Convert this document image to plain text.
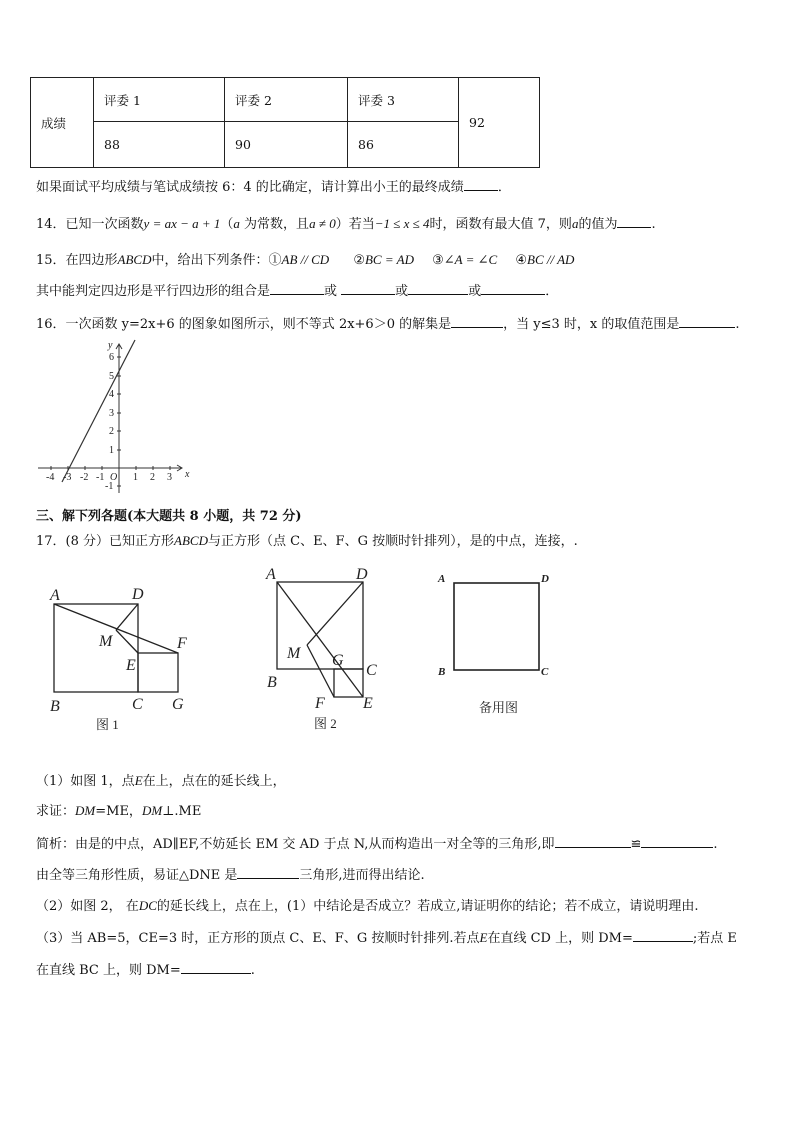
成绩	评委 1	评委 2	评委 3	92
	88	90	86	
如果面试平均成绩与笔试成绩按 6：4 的比确定，请计算出小王的最终成绩	．
14．已知一次函数y = ax − a + 1（a 为常数，且a ≠ 0）若当−1 ≤ x ≤ 4时，函数有最大值 7，则a的值为	.
15．在四边形ABCD中，给出下列条件：①AB // CD ②BC = AD ③∠A = ∠C ④BC // AD
其中能判定四边形是平行四边形的组合是	或	或	或	．
16．一次函数 y=2x+6 的图象如图所示，则不等式 2x+6＞0 的解集是	，当 y≤3 时，x 的取值范围是	.
y
x
O
-4 -3 -2 -1	1 2 3
6
5
4
3
2
1
-1
三、解下列各题(本大题共 8 小题，共 72 分)
17．(8 分）已知正方形ABCD与正方形（点 C、E、F、G 按顺时针排列），是的中点，连接，.
A	D
M	F
E
B	C G
图 1
A	D
M G
C
B
F E
图 2
A	D
B	C
备用图
（1）如图 1，点E在上，点在的延长线上，
求证：DM=ME，DM⊥.ME
简析：由是的中点，AD∥EF,不妨延长 EM 交 AD 于点 N,从而构造出一对全等的三角形,即	≌	.
由全等三角形性质，易证△DNE 是	三角形,进而得出结论.
（2）如图 2， 在DC的延长线上，点在上，(1）中结论是否成立？若成立,请证明你的结论；若不成立，请说明理由.
（3）当 AB=5，CE=3 时，正方形的顶点 C、E、F、G 按顺时针排列.若点E在直线 CD 上，则 DM=	;若点 E
在直线 BC 上，则 DM=	.
